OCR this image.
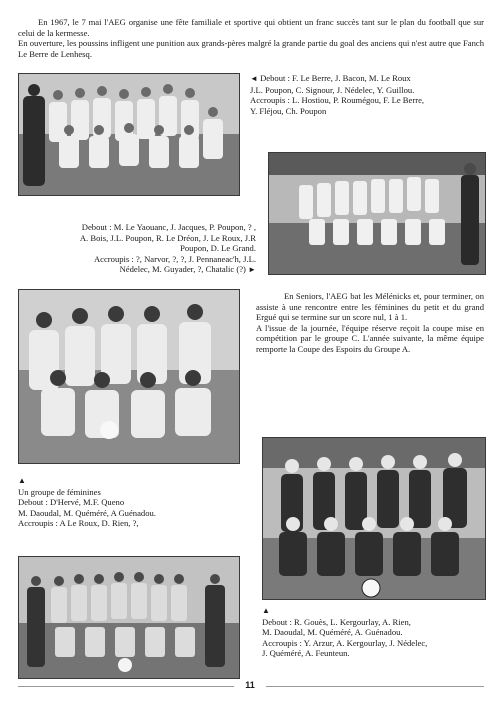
En 1967, le 7 mai l'AEG organise une fête familiale et sportive qui obtient un franc succès tant sur le plan du football que sur celui de la kermesse.

En ouverture, les poussins infligent une punition aux grands-pères malgré la grande partie du goal des anciens qui n'est autre que Fanch Le Berre de Lenhesq.

◄ Debout : F. Le Berre, J. Bacon, M. Le Roux

J.L. Poupon, C. Signour, J. Nédelec, Y. Guillou.

Accroupis : L. Hostiou, P. Roumégou, F. Le Berre,

Y. Fléjou, Ch. Poupon

Debout : M. Le Yaouanc, J. Jacques, P. Poupon, ? ,

A. Bois, J.L. Poupon, R. Le Dréon, J. Le Roux, J.R

Poupon, D. Le Grand.

Accroupis : ?, Narvor, ?, ?, J. Pennaneac'h, J.L.

Nédelec, M. Guyader, ?, Chatalic (?) ►

En Seniors, l'AEG bat les Mélénicks et, pour terminer, on assiste à une rencontre entre les féminines du petit et du grand Ergué qui se termine sur un score nul, 1 à 1.

A l'issue de la journée, l'équipe réserve reçoit la coupe mise en compétition par le groupe C. L'année suivante, la même équipe remporte la Coupe des Espoirs du Groupe A.

▲

Un groupe de féminines

Debout : D'Hervé, M.F. Queno

M. Daoudal, M. Quéméré, A Guénadou.

Accroupis : A Le Roux, D. Rien, ?,

▲

Debout : R. Gouès, L. Kergourlay, A. Rien,

M. Daoudal, M. Quéméré, A. Guénadou.

Accroupis : Y. Arzur, A. Kergourlay, J. Nédelec,

J. Quéméré, A. Feunteun.

11
